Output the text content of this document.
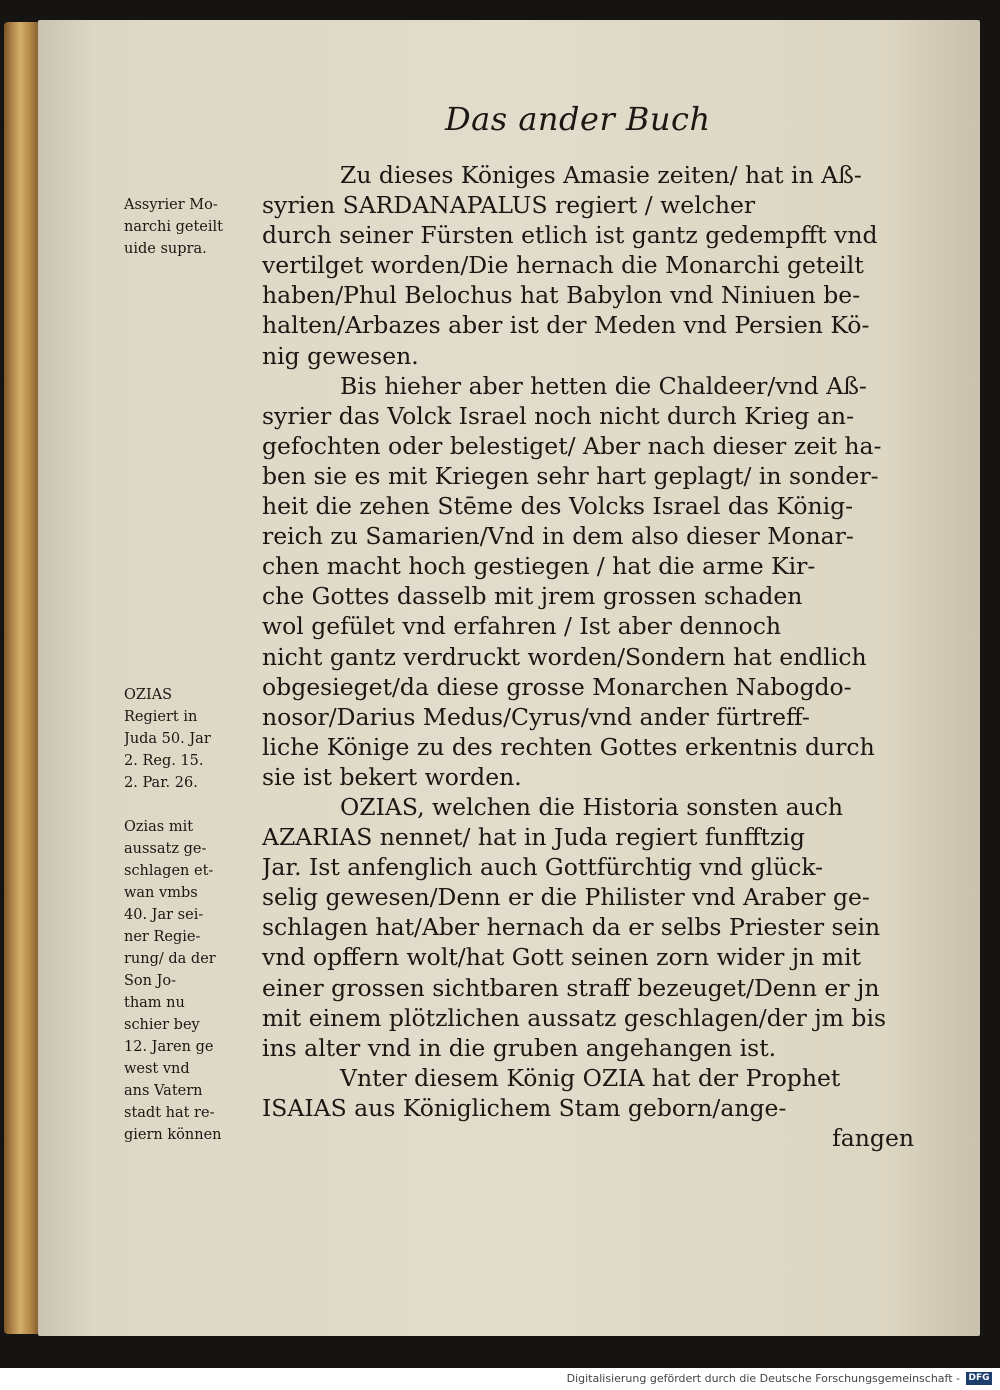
Das ander Buch
Zu dieses Königes Amasie zeiten/ hat in Aß-
syrien SARDANAPALUS regiert / welcher
durch seiner Fürsten etlich ist gantz gedempfft vnd
vertilget worden/Die hernach die Monarchi geteilt
haben/Phul Belochus hat Babylon vnd Niniuen be-
halten/Arbazes aber ist der Meden vnd Persien Kö-
nig gewesen.
Bis hieher aber hetten die Chaldeer/vnd Aß-
syrier das Volck Israel noch nicht durch Krieg an-
gefochten oder belestiget/ Aber nach dieser zeit ha-
ben sie es mit Kriegen sehr hart geplagt/ in sonder-
heit die zehen Stēme des Volcks Israel das König-
reich zu Samarien/Vnd in dem also dieser Monar-
chen macht hoch gestiegen / hat die arme Kir-
che Gottes dasselb mit jrem grossen schaden
wol gefület vnd erfahren / Ist aber dennoch
nicht gantz verdruckt worden/Sondern hat endlich
obgesieget/da diese grosse Monarchen Nabogdo-
nosor/Darius Medus/Cyrus/vnd ander fürtreff-
liche Könige zu des rechten Gottes erkentnis durch
sie ist bekert worden.
OZIAS, welchen die Historia sonsten auch
AZARIAS nennet/ hat in Juda regiert funfftzig
Jar. Ist anfenglich auch Gottfürchtig vnd glück-
selig gewesen/Denn er die Philister vnd Araber ge-
schlagen hat/Aber hernach da er selbs Priester sein
vnd opffern wolt/hat Gott seinen zorn wider jn mit
einer grossen sichtbaren straff bezeuget/Denn er jn
mit einem plötzlichen aussatz geschlagen/der jm bis
ins alter vnd in die gruben angehangen ist.
Vnter diesem König OZIA hat der Prophet
ISAIAS aus Königlichem Stam geborn/ange-
fangen
Assyrier Mo-
narchi geteilt
uide supra.
OZIAS
Regiert in
Juda 50. Jar
2. Reg. 15.
2. Par. 26.
Ozias mit
aussatz ge-
schlagen et-
wan vmbs
40. Jar sei-
ner Regie-
rung/ da der
Son Jo-
tham nu
schier bey
12. Jaren ge
west vnd
ans Vatern
stadt hat re-
giern können
Digitalisierung gefördert durch die Deutsche Forschungsgemeinschaft - DFG
